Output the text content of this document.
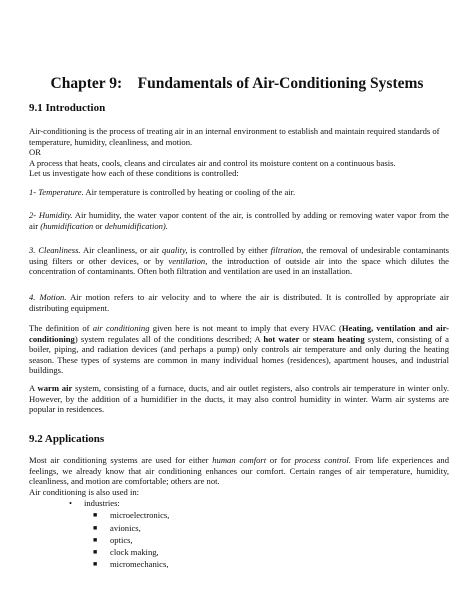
Chapter 9:    Fundamentals of Air-Conditioning Systems
9.1 Introduction

Air-conditioning is the process of treating air in an internal environment to establish and maintain required standards of temperature, humidity, cleanliness, and motion.
OR
A process that heats, cools, cleans and circulates air and control its moisture content on a continuous basis.
Let us investigate how each of these conditions is controlled:

1- Temperature. Air temperature is controlled by heating or cooling of the air.

2- Humidity. Air humidity, the water vapor content of the air, is controlled by adding or removing water vapor from the air (humidification or dehumidification).

3. Cleanliness. Air cleanliness, or air quality, is controlled by either filtration, the removal of undesirable contaminants using filters or other devices, or by ventilation, the introduction of outside air into the space which dilutes the concentration of contaminants. Often both filtration and ventilation are used in an installation.

4. Motion. Air motion refers to air velocity and to where the air is distributed. It is controlled by appropriate air distributing equipment.

The definition of air conditioning given here is not meant to imply that every HVAC (Heating, ventilation and air-conditioning) system regulates all of the conditions described; A hot water or steam heating system, consisting of a boiler, piping, and radiation devices (and perhaps a pump) only controls air temperature and only during the heating season. These types of systems are common in many individual homes (residences), apartment houses, and industrial buildings.

A warm air system, consisting of a furnace, ducts, and air outlet registers, also controls air temperature in winter only. However, by the addition of a humidifier in the ducts, it may also control humidity in winter. Warm air systems are popular in residences.

9.2 Applications

Most air conditioning systems are used for either human comfort or for process control. From life experiences and feelings, we already know that air conditioning enhances our comfort. Certain ranges of air temperature, humidity, cleanliness, and motion are comfortable; others are not.

Air conditioning is also used in:

• industries:
■ microelectronics,
■ avionics,
■ optics,
■ clock making,
■ micromechanics,
